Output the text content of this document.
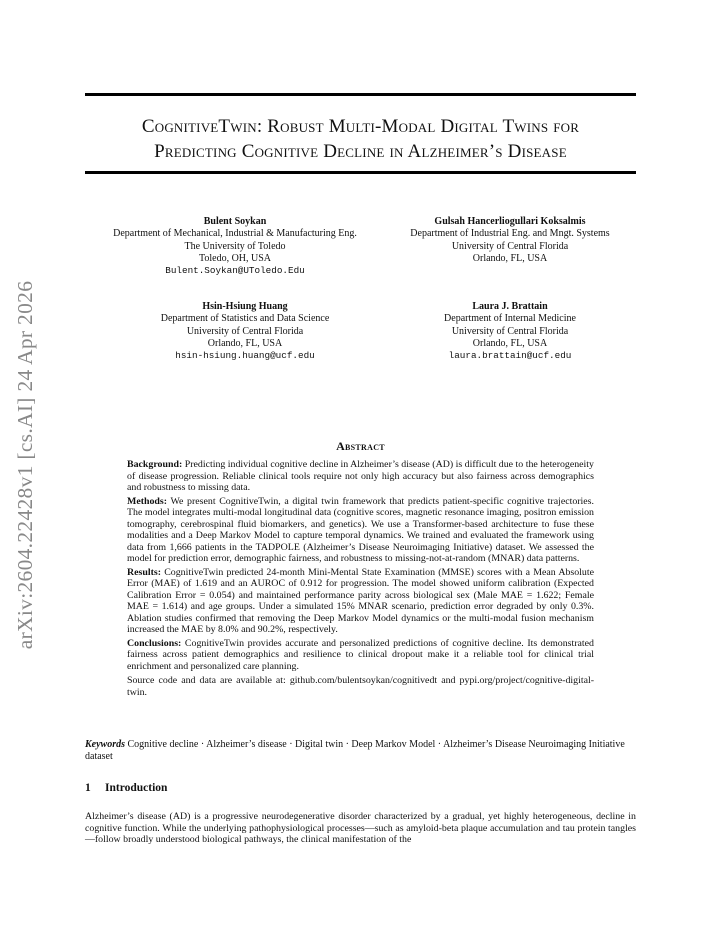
arXiv:2604.22428v1 [cs.AI] 24 Apr 2026
CognitiveTwin: Robust Multi-Modal Digital Twins for
Predicting Cognitive Decline in Alzheimer’s Disease
Bulent Soykan
Department of Mechanical, Industrial & Manufacturing Eng.
The University of Toledo
Toledo, OH, USA
Bulent.Soykan@UToledo.Edu
Gulsah Hancerliogullari Koksalmis
Department of Industrial Eng. and Mngt. Systems
University of Central Florida
Orlando, FL, USA
Hsin-Hsiung Huang
Department of Statistics and Data Science
University of Central Florida
Orlando, FL, USA
hsin-hsiung.huang@ucf.edu
Laura J. Brattain
Department of Internal Medicine
University of Central Florida
Orlando, FL, USA
laura.brattain@ucf.edu
Abstract

Background: Predicting individual cognitive decline in Alzheimer’s disease (AD) is difficult due to the heterogeneity of disease progression. Reliable clinical tools require not only high accuracy but also fairness across demographics and robustness to missing data.

Methods: We present CognitiveTwin, a digital twin framework that predicts patient-specific cognitive trajectories. The model integrates multi-modal longitudinal data (cognitive scores, magnetic resonance imaging, positron emission tomography, cerebrospinal fluid biomarkers, and genetics). We use a Transformer-based architecture to fuse these modalities and a Deep Markov Model to capture temporal dynamics. We trained and evaluated the framework using data from 1,666 patients in the TADPOLE (Alzheimer’s Disease Neuroimaging Initiative) dataset. We assessed the model for prediction error, demographic fairness, and robustness to missing-not-at-random (MNAR) data patterns.

Results: CognitiveTwin predicted 24-month Mini-Mental State Examination (MMSE) scores with a Mean Absolute Error (MAE) of 1.619 and an AUROC of 0.912 for progression. The model showed uniform calibration (Expected Calibration Error = 0.054) and maintained performance parity across biological sex (Male MAE = 1.622; Female MAE = 1.614) and age groups. Under a simulated 15% MNAR scenario, prediction error degraded by only 0.3%. Ablation studies confirmed that removing the Deep Markov Model dynamics or the multi-modal fusion mechanism increased the MAE by 8.0% and 90.2%, respectively.

Conclusions: CognitiveTwin provides accurate and personalized predictions of cognitive decline. Its demonstrated fairness across patient demographics and resilience to clinical dropout make it a reliable tool for clinical trial enrichment and personalized care planning.

Source code and data are available at: github.com/bulentsoykan/cognitivedt and pypi.org/project/cognitive-digital-twin.

Keywords Cognitive decline · Alzheimer’s disease · Digital twin · Deep Markov Model · Alzheimer’s Disease Neuroimaging Initiative dataset
1 Introduction
Alzheimer’s disease (AD) is a progressive neurodegenerative disorder characterized by a gradual, yet highly heterogeneous, decline in cognitive function. While the underlying pathophysiological processes—such as amyloid-beta plaque accumulation and tau protein tangles—follow broadly understood biological pathways, the clinical manifestation of the
